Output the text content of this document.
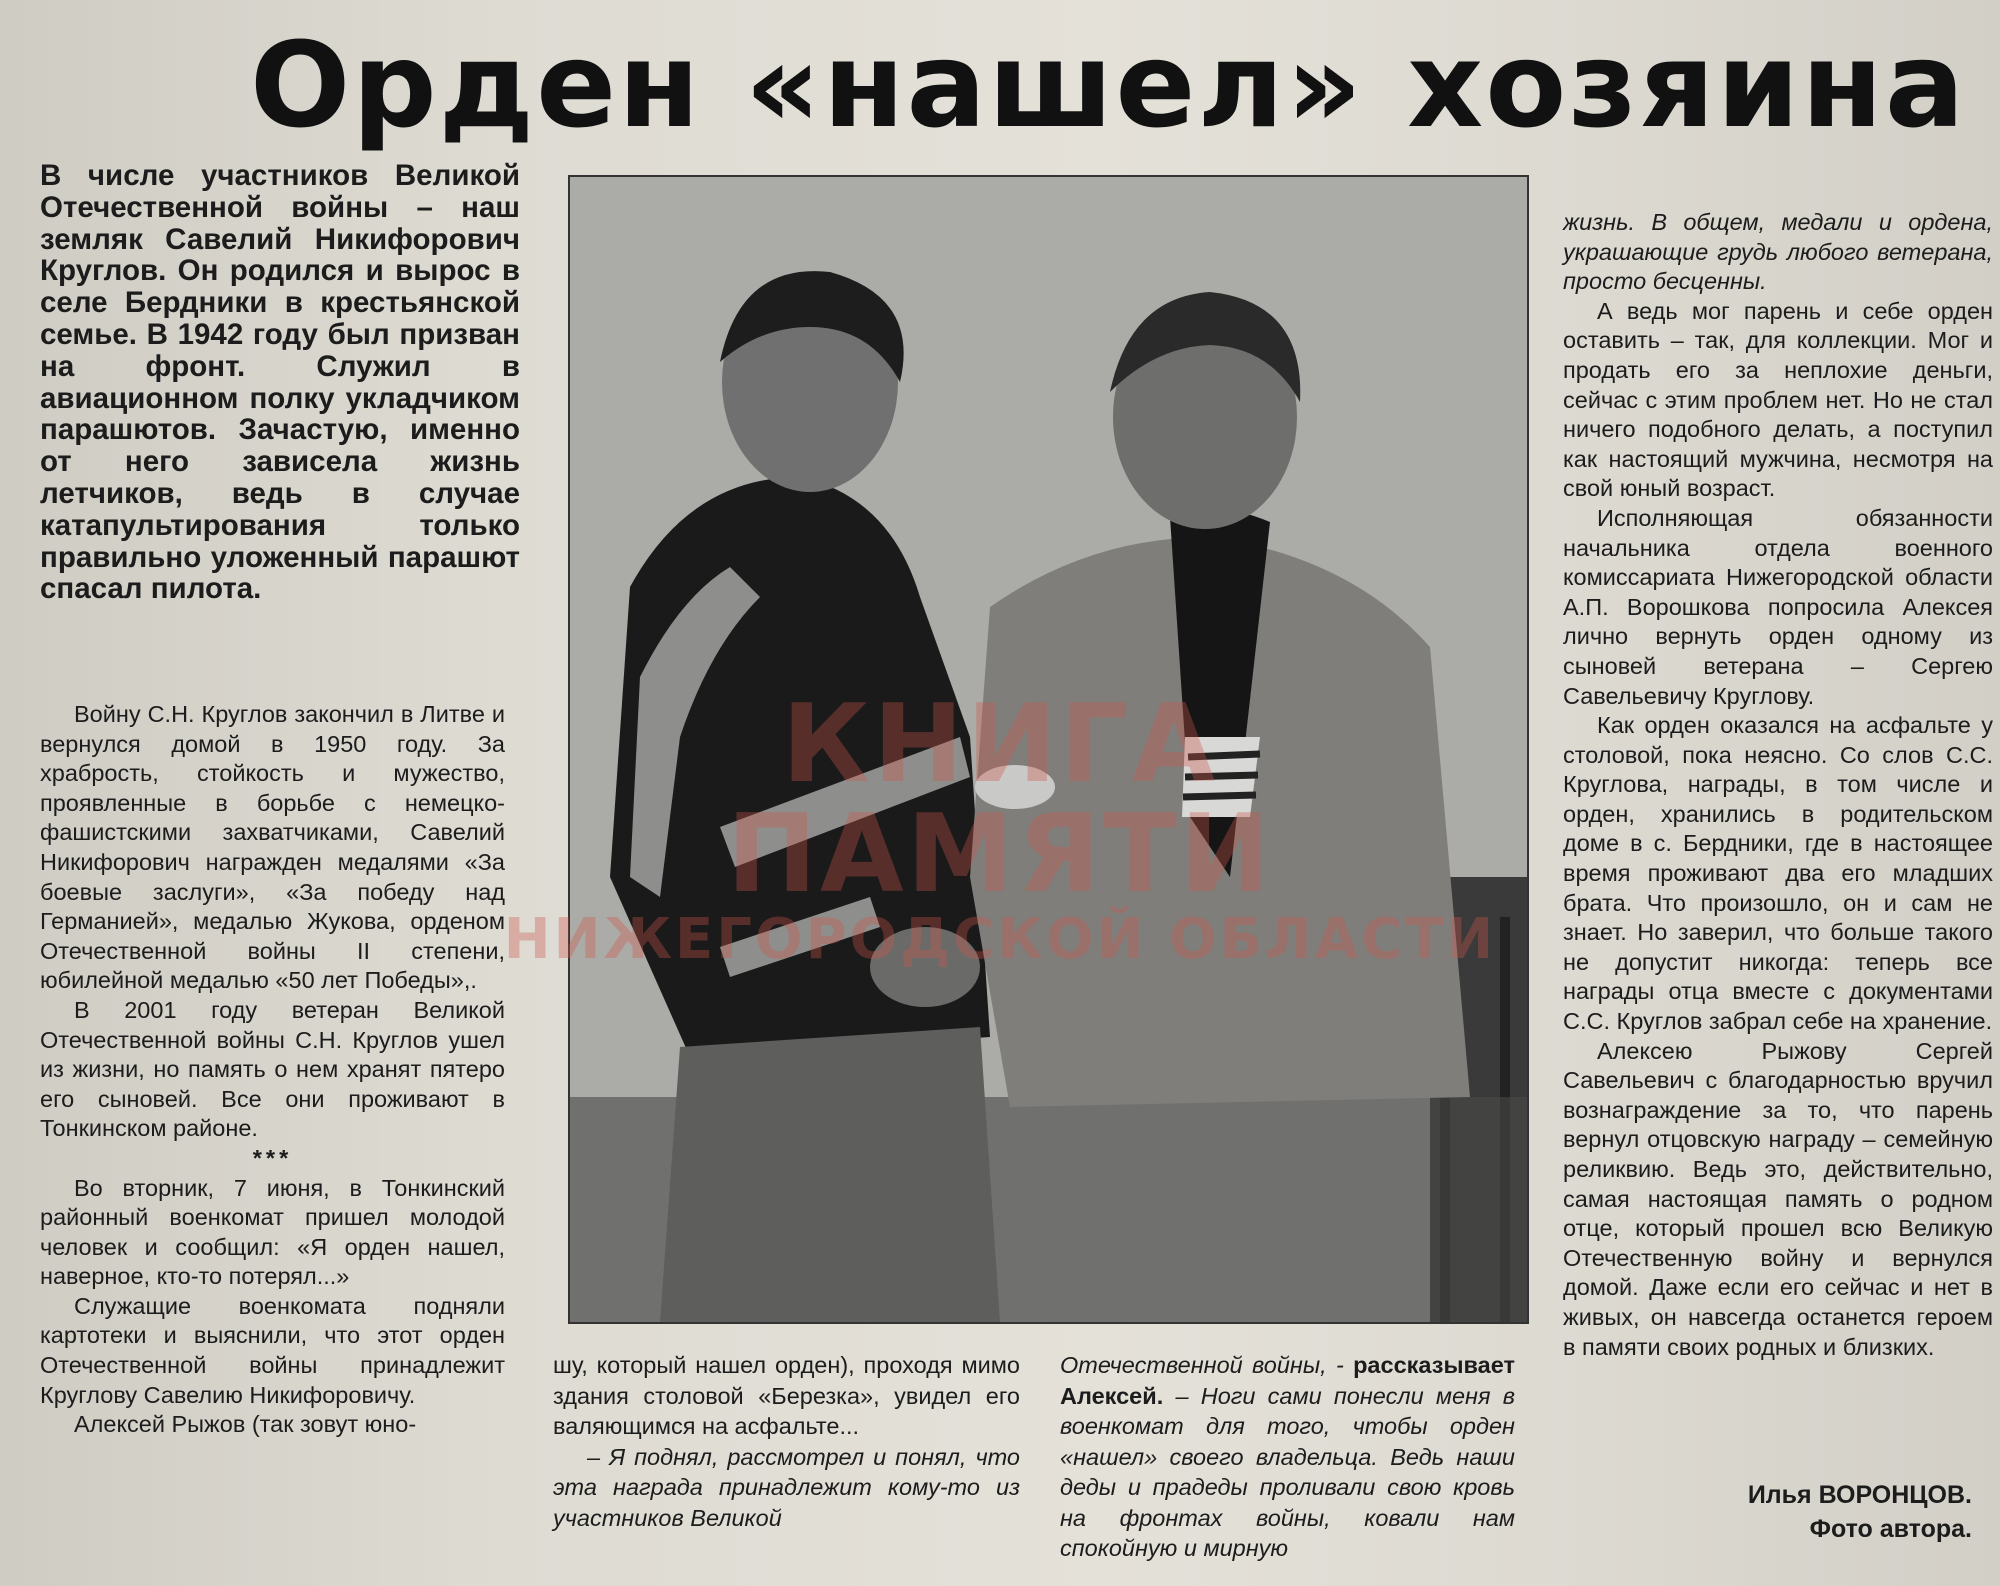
Орден «нашел» хозяина

В числе участников Великой Отечественной войны – наш земляк Савелий Никифорович Круглов. Он родился и вырос в селе Бердники в крестьянской семье. В 1942 году был призван на фронт. Служил в авиационном полку укладчиком парашютов. Зачастую, именно от него зависела жизнь летчиков, ведь в случае катапультирования только правильно уложенный парашют спасал пилота.

Войну С.Н. Круглов закончил в Литве и вернулся домой в 1950 году. За храбрость, стойкость и мужество, проявленные в борьбе с немецко-фашистскими захватчиками, Савелий Никифорович награжден медалями «За боевые заслуги», «За победу над Германией», медалью Жукова, орденом Отечественной войны II степени, юбилейной медалью «50 лет Победы»,.

В 2001 году ветеран Великой Отечественной войны С.Н. Круглов ушел из жизни, но память о нем хранят пятеро его сыновей. Все они проживают в Тонкинском районе.

***

Во вторник, 7 июня, в Тонкинский районный военкомат пришел молодой человек и сообщил: «Я орден нашел, наверное, кто-то потерял...»

Служащие военкомата подняли картотеки и выяснили, что этот орден Отечественной войны принадлежит Круглову Савелию Никифоровичу.

Алексей Рыжов (так зовут юно-

КНИГА ПАМЯТИ
НИЖЕГОРОДСКОЙ ОБЛАСТИ

шу, который нашел орден), проходя мимо здания столовой «Березка», увидел его валяющимся на асфальте...

– Я поднял, рассмотрел и понял, что эта награда принадлежит кому-то из участников Великой

Отечественной войны, - рассказывает Алексей. – Ноги сами понесли меня в военкомат для того, чтобы орден «нашел» своего владельца. Ведь наши деды и прадеды проливали свою кровь на фронтах войны, ковали нам спокойную и мирную

жизнь. В общем, медали и ордена, украшающие грудь любого ветерана, просто бесценны.

А ведь мог парень и себе орден оставить – так, для коллекции. Мог и продать его за неплохие деньги, сейчас с этим проблем нет. Но не стал ничего подобного делать, а поступил как настоящий мужчина, несмотря на свой юный возраст.

Исполняющая обязанности начальника отдела военного комиссариата Нижегородской области А.П. Ворошкова попросила Алексея лично вернуть орден одному из сыновей ветерана – Сергею Савельевичу Круглову.

Как орден оказался на асфальте у столовой, пока неясно. Со слов С.С. Круглова, награды, в том числе и орден, хранились в родительском доме в с. Бердники, где в настоящее время проживают два его младших брата. Что произошло, он и сам не знает. Но заверил, что больше такого не допустит никогда: теперь все награды отца вместе с документами С.С. Круглов забрал себе на хранение.

Алексею Рыжову Сергей Савельевич с благодарностью вручил вознаграждение за то, что парень вернул отцовскую награду – семейную реликвию. Ведь это, действительно, самая настоящая память о родном отце, который прошел всю Великую Отечественную войну и вернулся домой. Даже если его сейчас и нет в живых, он навсегда останется героем в памяти своих родных и близких.

Илья ВОРОНЦОВ.
Фото автора.
